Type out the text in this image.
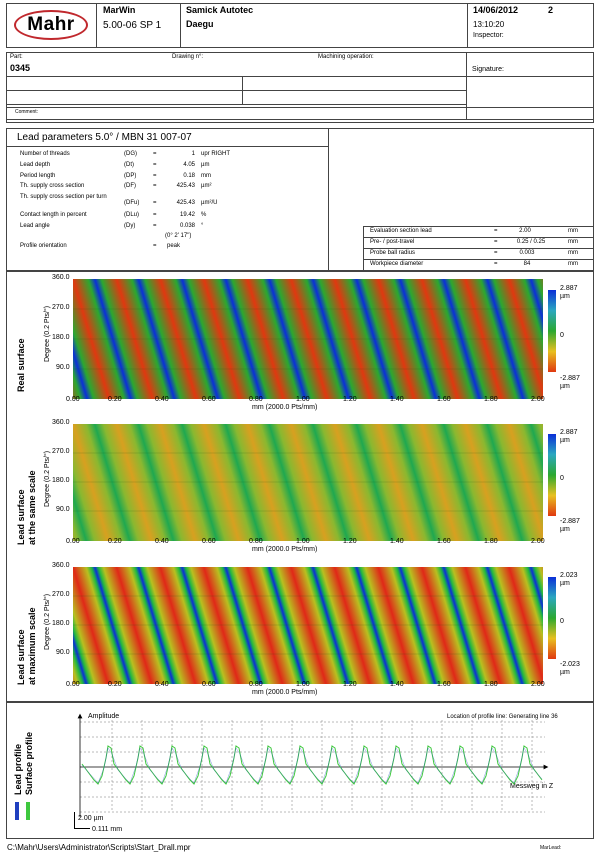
Mahr
MarWin
5.00-06 SP 1
Samick Autotec
Daegu
14/06/2012	2
13:10:20
Inspector:
Part:
0345
Drawing n°:	Machining operation:
Signature:
Comment:
Lead parameters 5.0° / MBN 31 007-07
Number of threads	(DG)	=	1 upr RIGHT
Lead depth	(Dt)	=	4.05 µm
Period length	(DP)	=	0.18 mm
Th. supply cross section	(DF)	=	425.43 µm²
Th. supply cross section per turn
(DFu) =	425.43 µm²/U
Contact length in percent	(DLu) =	19.42 %
Lead angle	(Dy)	=	0.038 °
(0° 2' 17")
Profile orientation	= peak
Evaluation section lead	=	2.00	mm
Pre- / post-travel	=	0.25 / 0.25	mm
Probe ball radius	=	0.003	mm
Workpiece diameter	=	84	mm
2.887
µm
0
-2.887
µm
Real surface
Degree (0.2 Pts/°)
360.0
270.0
180.0
90.0
0.00	0.20	0.40	0.60	0.80	1.00	1.20	1.40	1.60	1.80	2.00
mm (2000.0 Pts/mm)
2.887
µm
0
-2.887
µm
Lead surface at the same scale Degree (0.2 Pts/°)
360.0
270.0
180.0
90.0
0.00	0.20	0.40	0.60	0.80	1.00	1.20	1.40	1.60	1.80	2.00
mm (2000.0 Pts/mm)
2.023
µm
0
-2.023
µm
Lead surface at maximum scale Degree (0.2 Pts/°)
360.0
270.0
180.0
90.0
0.00	0.20	0.40	0.60	0.80	1.00	1.20	1.40	1.60	1.80	2.00
mm (2000.0 Pts/mm)
Amplitude	Location of profile line: Generating line 36
Messweg in Z
Lead profile Surface profile
2.00 µm
0.111 mm
C:\Mahr\Users\Administrator\Scripts\Start_Drall.mpr	MarLead:
